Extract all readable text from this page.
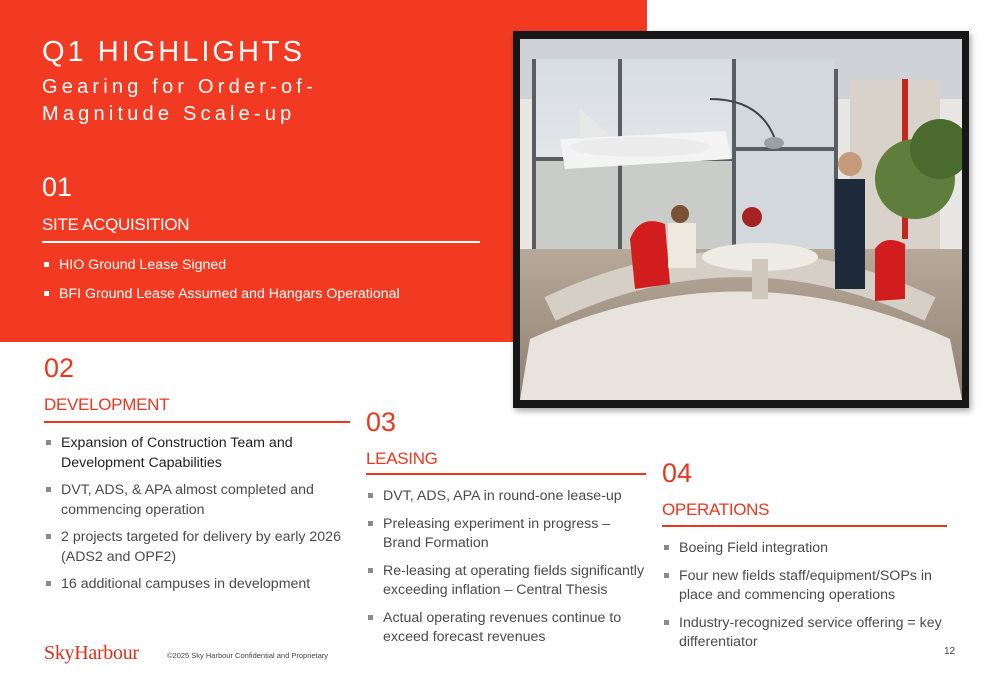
Q1 HIGHLIGHTS
Gearing for Order-of-Magnitude Scale-up
01
SITE ACQUISITION
HIO Ground Lease Signed
BFI Ground Lease Assumed and Hangars Operational
02
DEVELOPMENT
Expansion of Construction Team and Development Capabilities
DVT, ADS, & APA almost completed and commencing operation
2 projects targeted for delivery by early 2026 (ADS2 and OPF2)
16 additional campuses in development
03
LEASING
DVT, ADS, APA in round-one lease-up
Preleasing experiment in progress – Brand Formation
Re-leasing at operating fields significantly exceeding inflation – Central Thesis
Actual operating revenues continue to exceed forecast revenues
04
OPERATIONS
Boeing Field integration
Four new fields staff/equipment/SOPs in place and commencing operations
Industry-recognized service offering = key differentiator
SkyHarbour	©2025 Sky Harbour Confidential and Proprietary	12
